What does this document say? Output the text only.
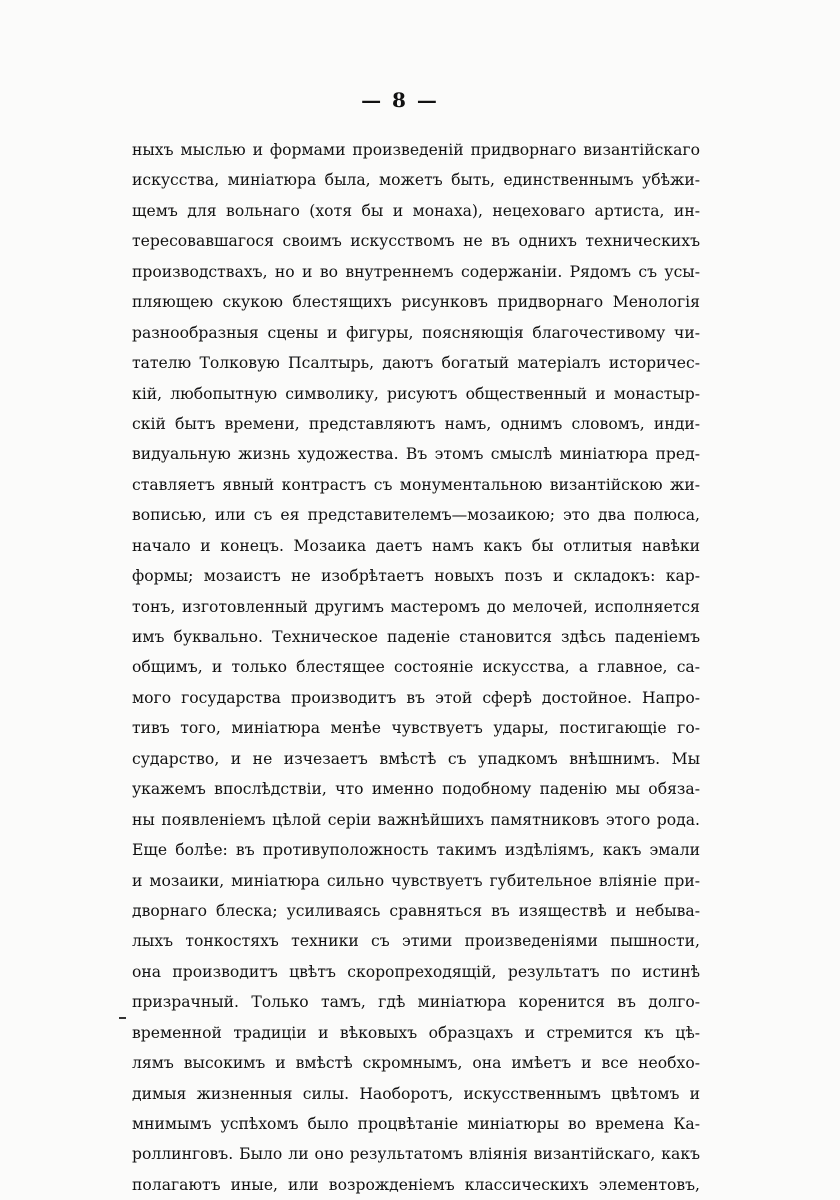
— 8 —
ныхъ мыслью и формами произведеній придворнаго византійскаго
искусства, миніатюра была, можетъ быть, единственнымъ убѣжи-
щемъ для вольнаго (хотя бы и монаха), нецеховаго артиста, ин-
тересовавшагося своимъ искусствомъ не въ однихъ техническихъ
производствахъ, но и во внутреннемъ содержаніи. Рядомъ съ усы-
пляющею скукою блестящихъ рисунковъ придворнаго Менологія
разнообразныя сцены и фигуры, поясняющія благочестивому чи-
тателю Толковую Псалтырь, даютъ богатый матеріалъ историчес-
кій, любопытную символику, рисуютъ общественный и монастыр-
скій бытъ времени, представляютъ намъ, однимъ словомъ, инди-
видуальную жизнь художества. Въ этомъ смыслѣ миніатюра пред-
ставляетъ явный контрастъ съ монументальною византійскою жи-
вописью, или съ ея представителемъ—мозаикою; это два полюса,
начало и конецъ. Мозаика даетъ намъ какъ бы отлитыя навѣки
формы; мозаистъ не изобрѣтаетъ новыхъ позъ и складокъ: кар-
тонъ, изготовленный другимъ мастеромъ до мелочей, исполняется
имъ буквально. Техническое паденіе становится здѣсь паденіемъ
общимъ, и только блестящее состояніе искусства, а главное, са-
мого государства производитъ въ этой сферѣ достойное. Напро-
тивъ того, миніатюра менѣе чувствуетъ удары, постигающіе го-
сударство, и не изчезаетъ вмѣстѣ съ упадкомъ внѣшнимъ. Мы
укажемъ впослѣдствіи, что именно подобному паденію мы обяза-
ны появленіемъ цѣлой серіи важнѣйшихъ памятниковъ этого рода.
Еще болѣе: въ противуположность такимъ издѣліямъ, какъ эмали
и мозаики, миніатюра сильно чувствуетъ губительное вліяніе при-
дворнаго блеска; усиливаясь сравняться въ изяществѣ и небыва-
лыхъ тонкостяхъ техники съ этими произведеніями пышности,
она производитъ цвѣтъ скоропреходящій, результатъ по истинѣ
призрачный. Только тамъ, гдѣ миніатюра коренится въ долго-
временной традиціи и вѣковыхъ образцахъ и стремится къ цѣ-
лямъ высокимъ и вмѣстѣ скромнымъ, она имѣетъ и все необхо-
димыя жизненныя силы. Наоборотъ, искусственнымъ цвѣтомъ и
мнимымъ успѣхомъ было процвѣтаніе миніатюры во времена Ка-
роллинговъ. Было ли оно результатомъ вліянія византійскаго, какъ
полагаютъ иные, или возрожденіемъ классическихъ элементовъ,
